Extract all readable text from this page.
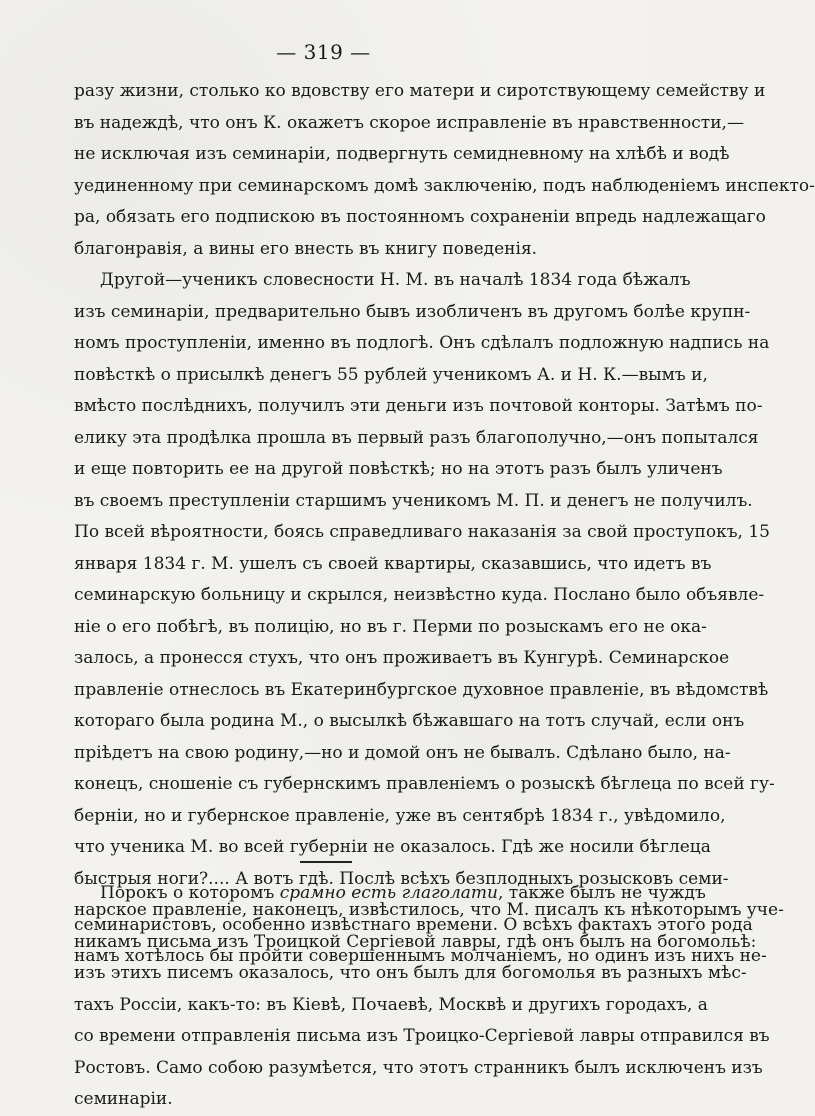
— 319 —
разу жизни, столько ко вдовству его матери и сиротствующему семейству и
въ надеждѣ, что онъ К. окажетъ скорое исправленіе въ нравственности,—
не исключая изъ семинаріи, подвергнуть семидневному на хлѣбѣ и водѣ
уединенному при семинарскомъ домѣ заключенію, подъ наблюденіемъ инспекто-
ра, обязать его подпискою въ постоянномъ сохраненіи впредь надлежащаго
благонравія, а вины его внесть въ книгу поведенія.
Другой—ученикъ словесности Н. М. въ началѣ 1834 года бѣжалъ
изъ семинаріи, предварительно бывъ изобличенъ въ другомъ болѣе крупн-
номъ проступленіи, именно въ подлогѣ. Онъ сдѣлалъ подложную надпись на
повѣсткѣ о присылкѣ денегъ 55 рублей ученикомъ А. и Н. К.—вымъ и,
вмѣсто послѣднихъ, получилъ эти деньги изъ почтовой конторы. Затѣмъ по-
елику эта продѣлка прошла въ первый разъ благополучно,—онъ попытался
и еще повторить ее на другой повѣсткѣ; но на этотъ разъ былъ уличенъ
въ своемъ преступленіи старшимъ ученикомъ М. П. и денегъ не получилъ.
По всей вѣроятности, боясь справедливаго наказанія за свой проступокъ, 15
января 1834 г. М. ушелъ съ своей квартиры, сказавшись, что идетъ въ
семинарскую больницу и скрылся, неизвѣстно куда. Послано было объявле-
ніе о его побѣгѣ, въ полицію, но въ г. Перми по розыскамъ его не ока-
залось, а пронесся стухъ, что онъ проживаетъ въ Кунгурѣ. Семинарское
правленіе отнеслось въ Екатеринбургское духовное правленіе, въ вѣдомствѣ
котораго была родина М., о высылкѣ бѣжавшаго на тотъ случай, если онъ
пріѣдетъ на свою родину,—но и домой онъ не бывалъ. Сдѣлано было, на-
конецъ, сношеніе съ губернскимъ правленіемъ о розыскѣ бѣглеца по всей гу-
берніи, но и губернское правленіе, уже въ сентябрѣ 1834 г., увѣдомило,
что ученика М. во всей губерніи не оказалось. Гдѣ же носили бѣглеца
быстрыя ноги?.... А вотъ гдѣ. Послѣ всѣхъ безплодныхъ розысковъ семи-
нарское правленіе, наконецъ, извѣстилось, что М. писалъ къ нѣкоторымъ уче-
никамъ письма изъ Троицкой Сергіевой лавры, гдѣ онъ былъ на богомольѣ:
изъ этихъ писемъ оказалось, что онъ былъ для богомолья въ разныхъ мѣс-
тахъ Россіи, какъ-то: въ Кіевѣ, Почаевѣ, Москвѣ и другихъ городахъ, а
со времени отправленія письма изъ Троицко-Сергіевой лавры отправился въ
Ростовъ. Само собою разумѣется, что этотъ странникъ былъ исключенъ изъ
семинаріи.
Порокъ о которомъ срамно есть глаголати, также былъ не чуждъ
семинаристовъ, особенно извѣстнаго времени. О всѣхъ фактахъ этого рода
намъ хотѣлось бы пройти совершеннымъ молчаніемъ, но одинъ изъ нихъ не-
